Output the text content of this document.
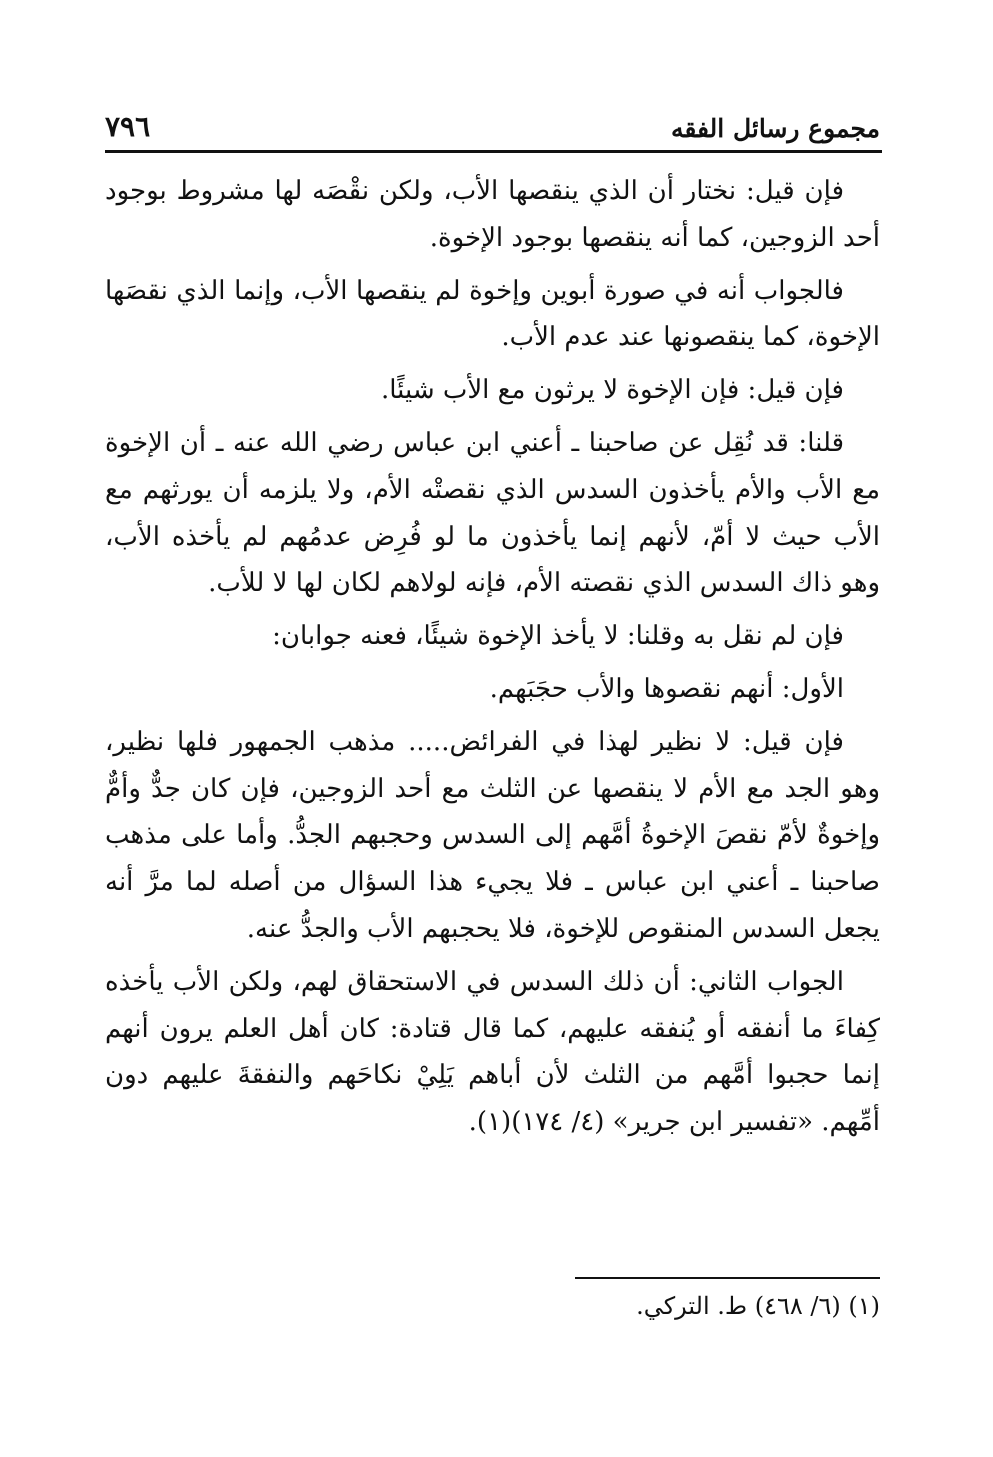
مجموع رسائل الفقه
٧٩٦

فإن قيل: نختار أن الذي ينقصها الأب، ولكن نقْصَه لها مشروط بوجود أحد الزوجين، كما أنه ينقصها بوجود الإخوة.

فالجواب أنه في صورة أبوين وإخوة لم ينقصها الأب، وإنما الذي نقصَها الإخوة، كما ينقصونها عند عدم الأب.

فإن قيل: فإن الإخوة لا يرثون مع الأب شيئًا.

قلنا: قد نُقِل عن صاحبنا ـ أعني ابن عباس رضي الله عنه ـ أن الإخوة مع الأب والأم يأخذون السدس الذي نقصتْه الأم، ولا يلزمه أن يورثهم مع الأب حيث لا أمّ، لأنهم إنما يأخذون ما لو فُرِض عدمُهم لم يأخذه الأب، وهو ذاك السدس الذي نقصته الأم، فإنه لولاهم لكان لها لا للأب.

فإن لم نقل به وقلنا: لا يأخذ الإخوة شيئًا، فعنه جوابان:

الأول: أنهم نقصوها والأب حجَبَهم.

فإن قيل: لا نظير لهذا في الفرائض..... مذهب الجمهور فلها نظير، وهو الجد مع الأم لا ينقصها عن الثلث مع أحد الزوجين، فإن كان جدٌّ وأمٌّ وإخوةٌ لأمّ نقصَ الإخوةُ أمَّهم إلى السدس وحجبهم الجدُّ. وأما على مذهب صاحبنا ـ أعني ابن عباس ـ فلا يجيء هذا السؤال من أصله لما مرَّ أنه يجعل السدس المنقوص للإخوة، فلا يحجبهم الأب والجدُّ عنه.

الجواب الثاني: أن ذلك السدس في الاستحقاق لهم، ولكن الأب يأخذه كِفاءَ ما أنفقه أو يُنفقه عليهم، كما قال قتادة: كان أهل العلم يرون أنهم إنما حجبوا أمَّهم من الثلث لأن أباهم يَلِيْ نكاحَهم والنفقةَ عليهم دون أمِّهم. «تفسير ابن جرير» (٤/ ١٧٤)(١).

(١) (٦/ ٤٦٨) ط. التركي.
